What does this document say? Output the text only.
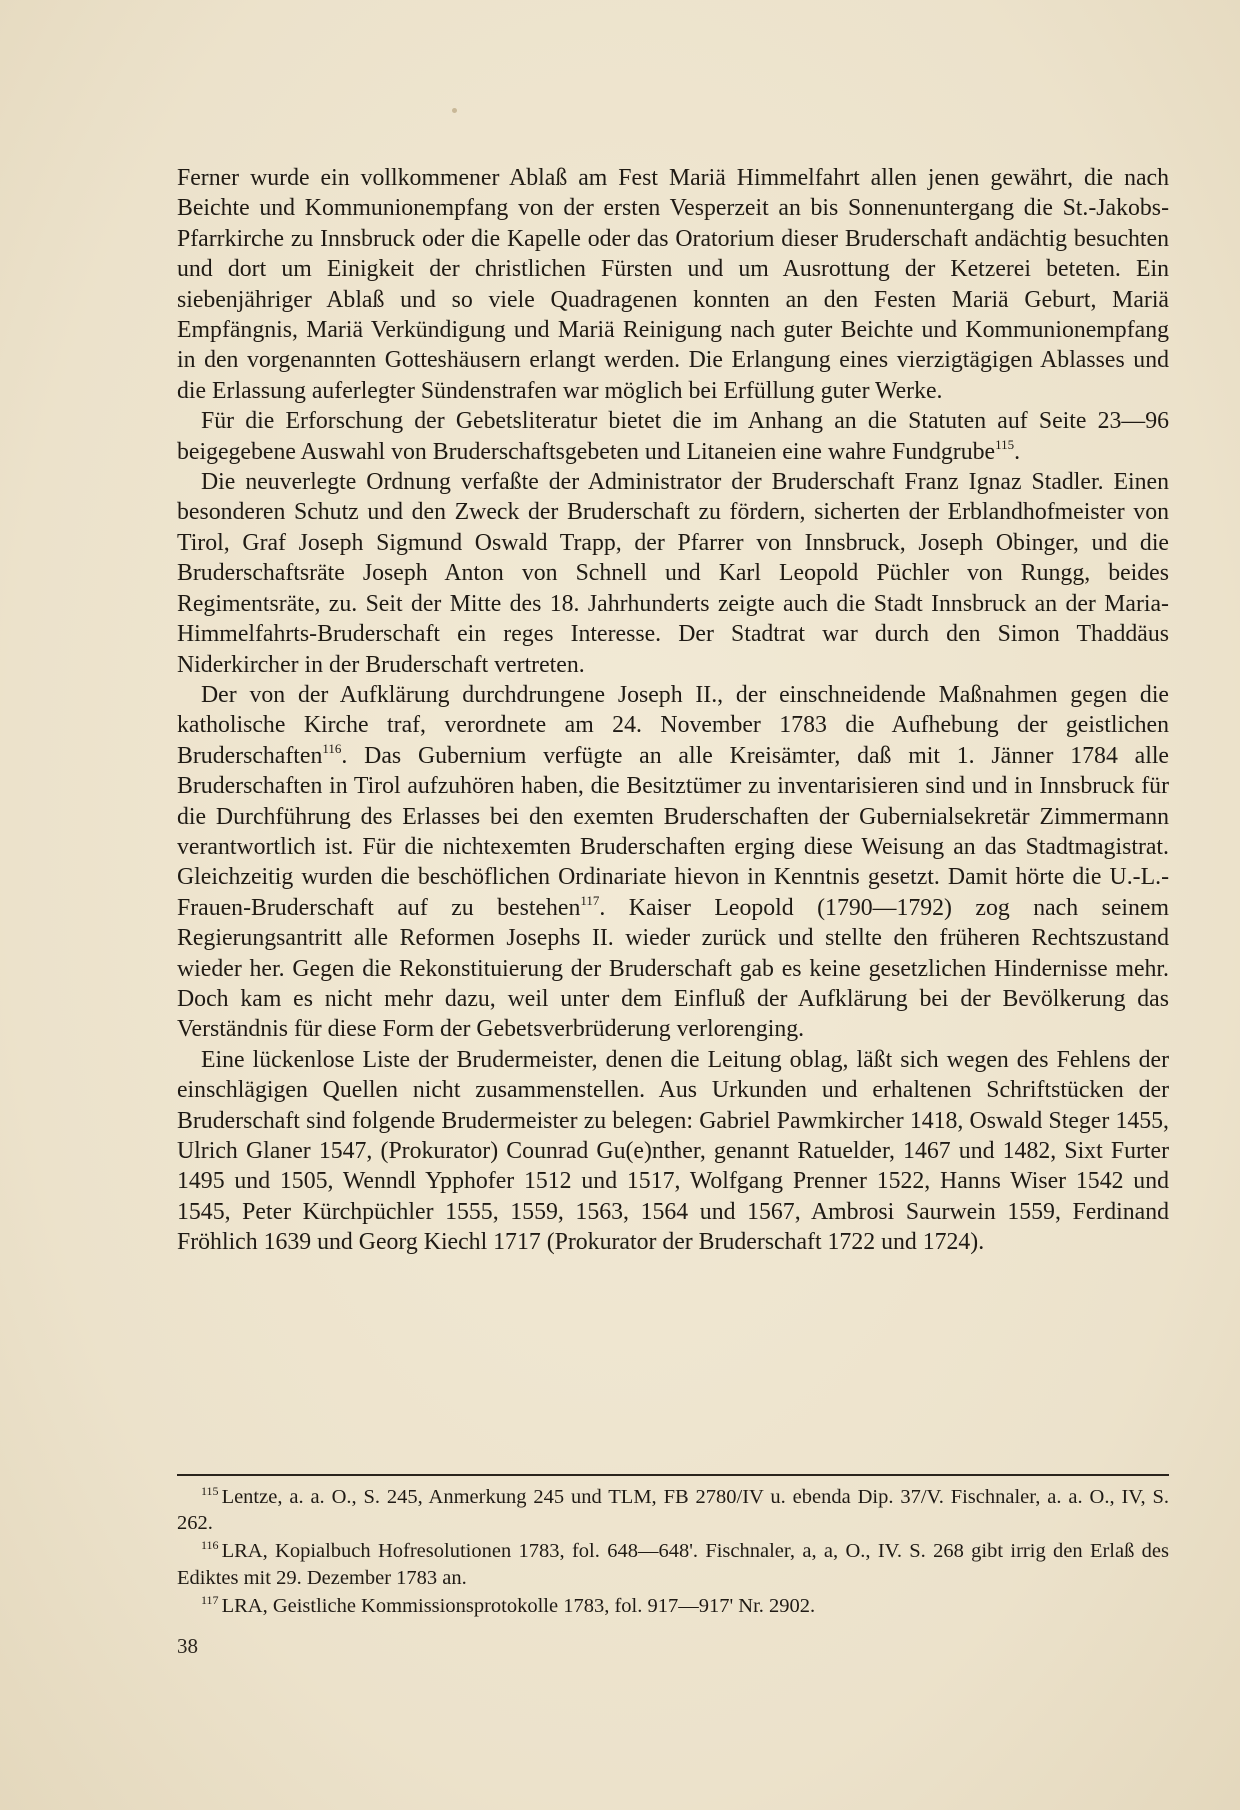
Ferner wurde ein vollkommener Ablaß am Fest Mariä Himmelfahrt allen jenen gewährt, die nach Beichte und Kommunionempfang von der ersten Vesperzeit an bis Sonnenuntergang die St.-Jakobs-Pfarrkirche zu Innsbruck oder die Kapelle oder das Oratorium dieser Bruderschaft andächtig besuchten und dort um Einigkeit der christlichen Fürsten und um Ausrottung der Ketzerei beteten. Ein siebenjähriger Ablaß und so viele Quadragenen konnten an den Festen Mariä Geburt, Mariä Empfängnis, Mariä Verkündigung und Mariä Reinigung nach guter Beichte und Kommunionempfang in den vorgenannten Gotteshäusern erlangt werden. Die Erlangung eines vierzigtägigen Ablasses und die Erlassung auferlegter Sündenstrafen war möglich bei Erfüllung guter Werke.

Für die Erforschung der Gebetsliteratur bietet die im Anhang an die Statuten auf Seite 23—96 beigegebene Auswahl von Bruderschaftsgebeten und Litaneien eine wahre Fundgrube$^{115}$.

Die neuverlegte Ordnung verfaßte der Administrator der Bruderschaft Franz Ignaz Stadler. Einen besonderen Schutz und den Zweck der Bruderschaft zu fördern, sicherten der Erblandhofmeister von Tirol, Graf Joseph Sigmund Oswald Trapp, der Pfarrer von Innsbruck, Joseph Obinger, und die Bruderschaftsräte Joseph Anton von Schnell und Karl Leopold Püchler von Rungg, beides Regimentsräte, zu. Seit der Mitte des 18. Jahrhunderts zeigte auch die Stadt Innsbruck an der Maria-Himmelfahrts-Bruderschaft ein reges Interesse. Der Stadtrat war durch den Simon Thaddäus Niderkircher in der Bruderschaft vertreten.

Der von der Aufklärung durchdrungene Joseph II., der einschneidende Maßnahmen gegen die katholische Kirche traf, verordnete am 24. November 1783 die Aufhebung der geistlichen Bruderschaften$^{116}$. Das Gubernium verfügte an alle Kreisämter, daß mit 1. Jänner 1784 alle Bruderschaften in Tirol aufzuhören haben, die Besitztümer zu inventarisieren sind und in Innsbruck für die Durchführung des Erlasses bei den exemten Bruderschaften der Gubernialsekretär Zimmermann verantwortlich ist. Für die nichtexemten Bruderschaften erging diese Weisung an das Stadtmagistrat. Gleichzeitig wurden die beschöflichen Ordinariate hievon in Kenntnis gesetzt. Damit hörte die U.-L.-Frauen-Bruderschaft auf zu bestehen$^{117}$. Kaiser Leopold (1790—1792) zog nach seinem Regierungsantritt alle Reformen Josephs II. wieder zurück und stellte den früheren Rechtszustand wieder her. Gegen die Rekonstituierung der Bruderschaft gab es keine gesetzlichen Hindernisse mehr. Doch kam es nicht mehr dazu, weil unter dem Einfluß der Aufklärung bei der Bevölkerung das Verständnis für diese Form der Gebetsverbrüderung verlorenging.

Eine lückenlose Liste der Brudermeister, denen die Leitung oblag, läßt sich wegen des Fehlens der einschlägigen Quellen nicht zusammenstellen. Aus Urkunden und erhaltenen Schriftstücken der Bruderschaft sind folgende Brudermeister zu belegen: Gabriel Pawmkircher 1418, Oswald Steger 1455, Ulrich Glaner 1547, (Prokurator) Counrad Gu(e)nther, genannt Ratuelder, 1467 und 1482, Sixt Furter 1495 und 1505, Wenndl Ypphofer 1512 und 1517, Wolfgang Prenner 1522, Hanns Wiser 1542 und 1545, Peter Kürchpüchler 1555, 1559, 1563, 1564 und 1567, Ambrosi Saurwein 1559, Ferdinand Fröhlich 1639 und Georg Kiechl 1717 (Prokurator der Bruderschaft 1722 und 1724).

$^{115}$ Lentze, a. a. O., S. 245, Anmerkung 245 und TLM, FB 2780/IV u. ebenda Dip. 37/V. Fischnaler, a. a. O., IV, S. 262.

$^{116}$ LRA, Kopialbuch Hofresolutionen 1783, fol. 648—648'. Fischnaler, a, a, O., IV. S. 268 gibt irrig den Erlaß des Ediktes mit 29. Dezember 1783 an.

$^{117}$ LRA, Geistliche Kommissionsprotokolle 1783, fol. 917—917' Nr. 2902.

38
